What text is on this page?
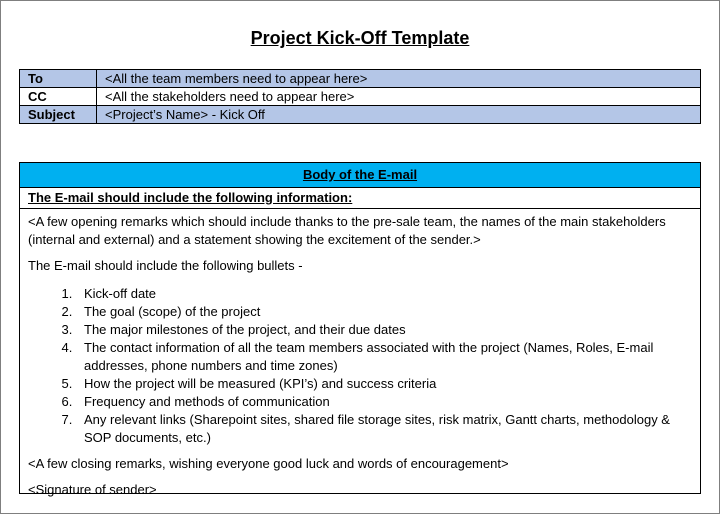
Project Kick-Off Template
To	<All the team members need to appear here>
CC	<All the stakeholders need to appear here>
Subject	<Project’s Name> - Kick Off
Body of the E-mail
The E-mail should include the following information:

<A few opening remarks which should include thanks to the pre-sale team, the names of the main stakeholders (internal and external) and a statement showing the excitement of the sender.>

The E-mail should include the following bullets -

1. Kick-off date
2. The goal (scope) of the project
3. The major milestones of the project, and their due dates
4. The contact information of all the team members associated with the project (Names, Roles, E-mail addresses, phone numbers and time zones)
5. How the project will be measured (KPI’s) and success criteria
6. Frequency and methods of communication
7. Any relevant links (Sharepoint sites, shared file storage sites, risk matrix, Gantt charts, methodology & SOP documents, etc.)

<A few closing remarks, wishing everyone good luck and words of encouragement>

<Signature of sender>
